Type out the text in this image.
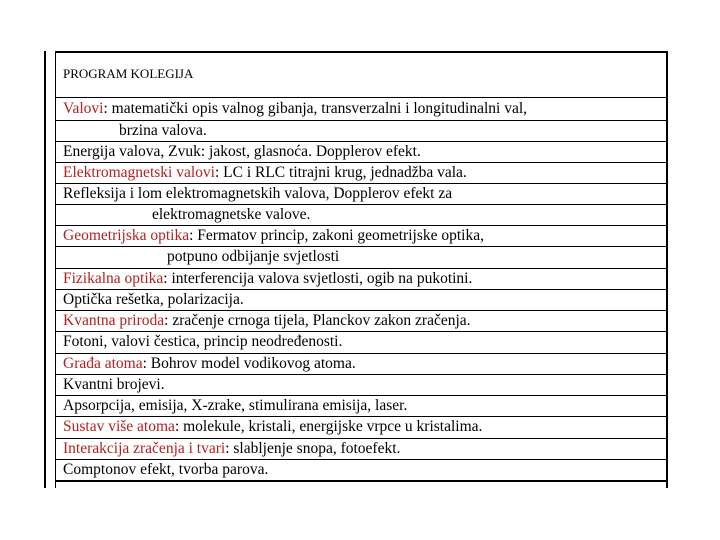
PROGRAM KOLEGIJA
Valovi: matematički opis valnog gibanja, transverzalni i longitudinalni val,
brzina valova.
Energija valova, Zvuk: jakost, glasnoća. Dopplerov efekt.
Elektromagnetski valovi: LC i RLC titrajni krug, jednadžba vala.
Refleksija i lom elektromagnetskih valova, Dopplerov efekt za
elektromagnetske valove.
Geometrijska optika: Fermatov princip, zakoni geometrijske optika,
potpuno odbijanje svjetlosti
Fizikalna optika: interferencija valova svjetlosti, ogib na pukotini.
Optička rešetka, polarizacija.
Kvantna priroda: zračenje crnoga tijela, Planckov zakon zračenja.
Fotoni, valovi čestica, princip neodređenosti.
Građa atoma: Bohrov model vodikovog atoma.
Kvantni brojevi.
Apsorpcija, emisija, X-zrake, stimulirana emisija, laser.
Sustav više atoma: molekule, kristali, energijske vrpce u kristalima.
Interakcija zračenja i tvari: slabljenje snopa, fotoefekt.
Comptonov efekt, tvorba parova.
